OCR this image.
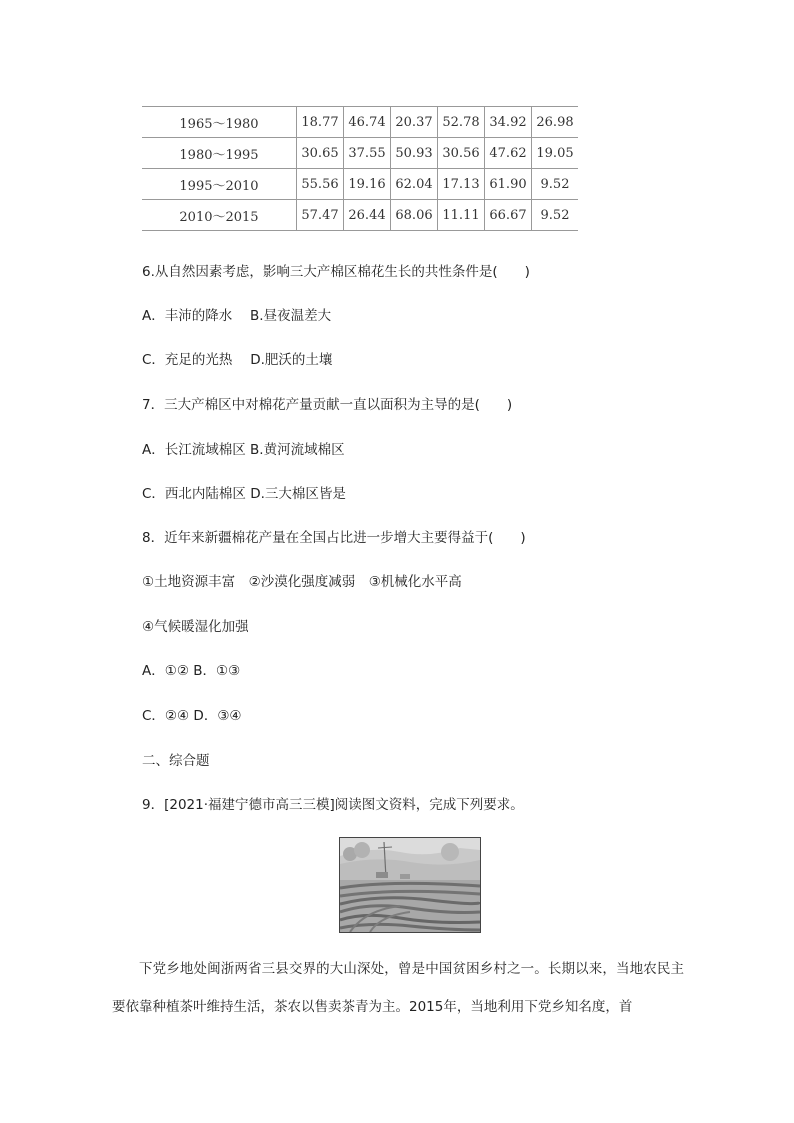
1965～1980	18.77	46.74	20.37	52.78	34.92	26.98
1980～1995	30.65	37.55	50.93	30.56	47.62	19.05
1995～2010	55.56	19.16	62.04	17.13	61.90	9.52
2010～2015	57.47	26.44	68.06	11.11	66.67	9.52
6.从自然因素考虑，影响三大产棉区棉花生长的共性条件是(　　)
A．丰沛的降水　 B.昼夜温差大
C．充足的光热　 D.肥沃的土壤
7．三大产棉区中对棉花产量贡献一直以面积为主导的是(　　)
A．长江流域棉区 B.黄河流域棉区
C．西北内陆棉区 D.三大棉区皆是
8．近年来新疆棉花产量在全国占比进一步增大主要得益于(　　)
①土地资源丰富　②沙漠化强度减弱　③机械化水平高
④气候暖湿化加强
A．①② B．①③
C．②④ D．③④
二、综合题
9．[2021·福建宁德市高三三模]阅读图文资料，完成下列要求。
下党乡地处闽浙两省三县交界的大山深处，曾是中国贫困乡村之一。长期以来，当地农民主要依靠种植茶叶维持生活，茶农以售卖茶青为主。2015年，当地利用下党乡知名度，首
